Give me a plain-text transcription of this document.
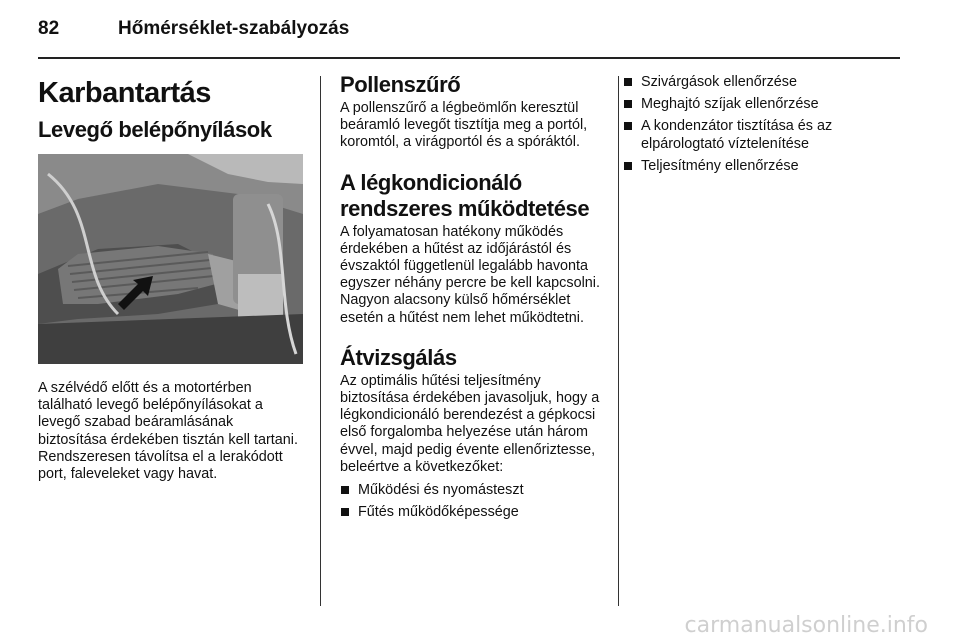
82	Hőmérséklet-szabályozás
Karbantartás
Levegő belépőnyílások

A szélvédő előtt és a motortérben található levegő belépőnyílásokat a levegő szabad beáramlásának biztosítása érdekében tisztán kell tartani. Rendszeresen távolítsa el a lerakódott port, faleveleket vagy havat.

Pollenszűrő

A pollenszűrő a légbeömlőn keresztül beáramló levegőt tisztítja meg a portól, koromtól, a virágportól és a spóráktól.

A légkondicionáló rendszeres működtetése

A folyamatosan hatékony működés érdekében a hűtést az időjárástól és évszaktól függetlenül legalább havonta egyszer néhány percre be kell kapcsolni. Nagyon alacsony külső hőmérséklet esetén a hűtést nem lehet működtetni.

Átvizsgálás

Az optimális hűtési teljesítmény biztosítása érdekében javasoljuk, hogy a légkondicionáló berendezést a gépkocsi első forgalomba helyezése után három évvel, majd pedig évente ellenőriztesse, beleértve a következőket:

Működési és nyomásteszt
Fűtés működőképessége
Szivárgások ellenőrzése
Meghajtó szíjak ellenőrzése
A kondenzátor tisztítása és az elpárologtató víztelenítése
Teljesítmény ellenőrzése
carmanualsonline.info
